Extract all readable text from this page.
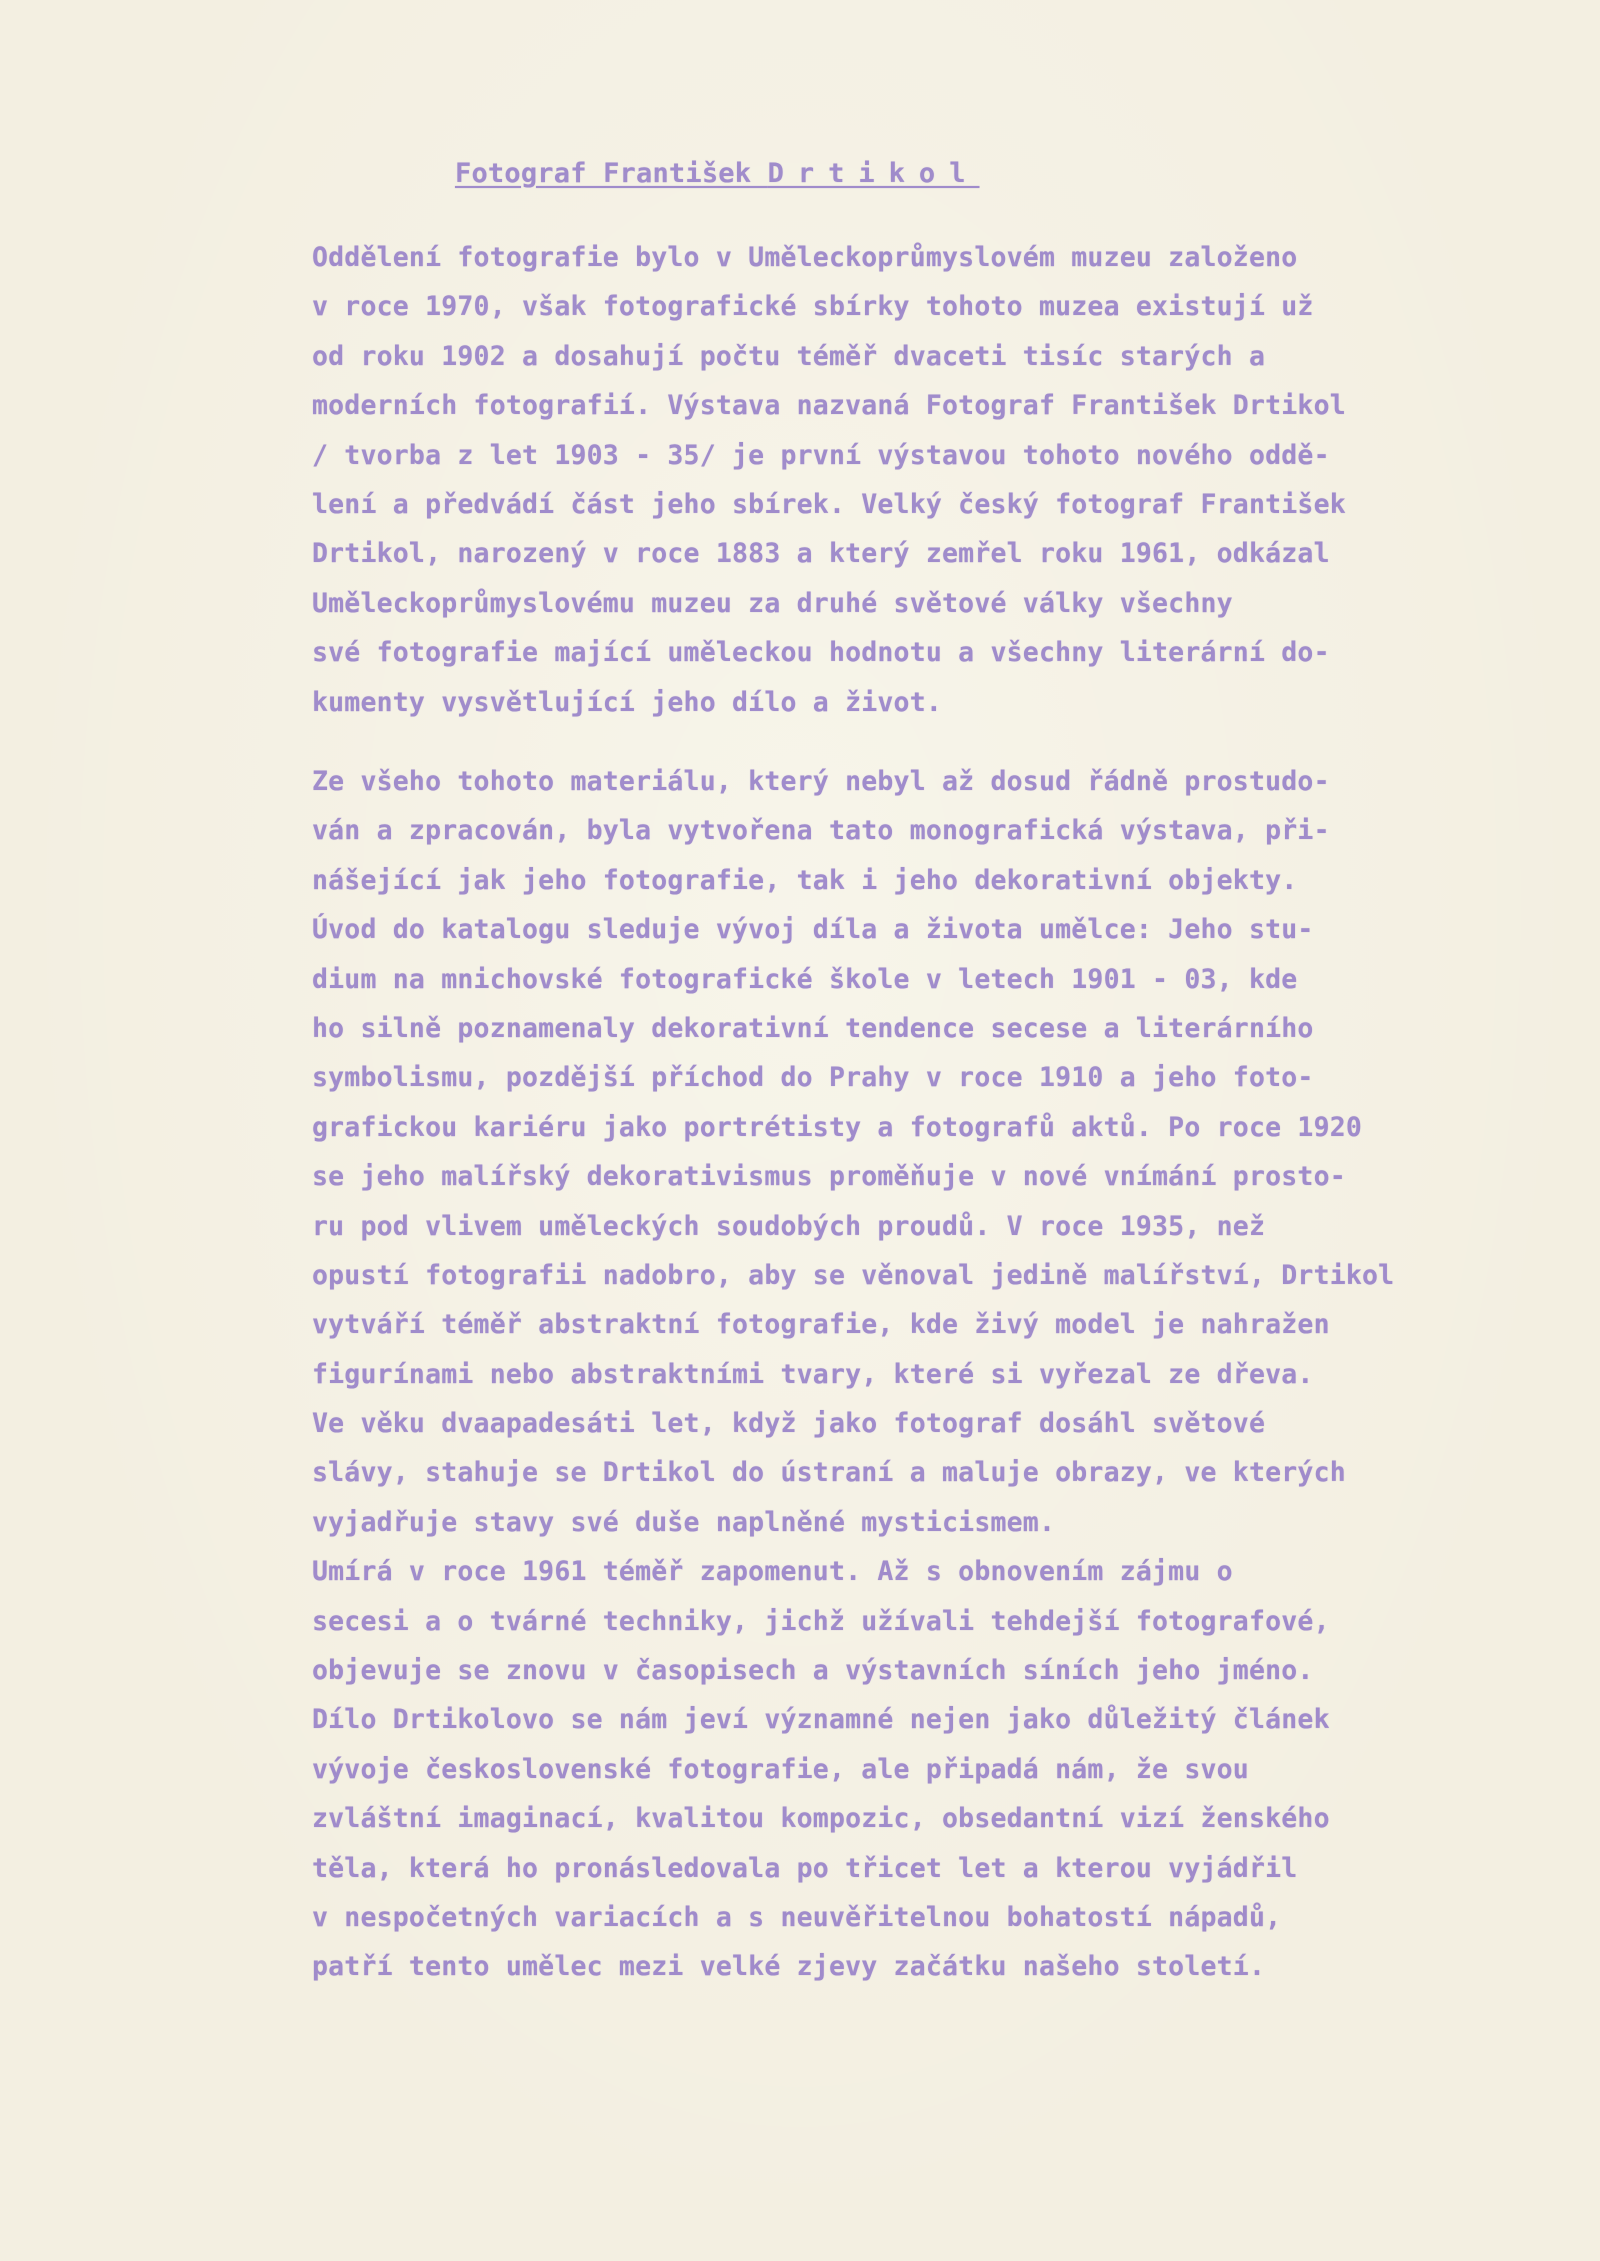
Fotograf František Drtikol
Oddělení fotografie bylo v Uměleckoprůmyslovém muzeu založeno
v roce 1970, však fotografické sbírky tohoto muzea existují už
od roku 1902 a dosahují počtu téměř dvaceti tisíc starých a
moderních fotografií. Výstava nazvaná Fotograf František Drtikol
/ tvorba z let 1903 - 35/ je první výstavou tohoto nového oddě-
lení a předvádí část jeho sbírek. Velký český fotograf František
Drtikol, narozený v roce 1883 a který zemřel roku 1961, odkázal
Uměleckoprůmyslovému muzeu za druhé světové války všechny
své fotografie mající uměleckou hodnotu a všechny literární do-
kumenty vysvětlující jeho dílo a život.
Ze všeho tohoto materiálu, který nebyl až dosud řádně prostudo-
ván a zpracován, byla vytvořena tato monografická výstava, při-
nášející jak jeho fotografie, tak i jeho dekorativní objekty.
Úvod do katalogu sleduje vývoj díla a života umělce: Jeho stu-
dium na mnichovské fotografické škole v letech 1901 - 03, kde
ho silně poznamenaly dekorativní tendence secese a literárního
symbolismu, pozdější příchod do Prahy v roce 1910 a jeho foto-
grafickou kariéru jako portrétisty a fotografů aktů. Po roce 1920
se jeho malířský dekorativismus proměňuje v nové vnímání prosto-
ru pod vlivem uměleckých soudobých proudů. V roce 1935, než
opustí fotografii nadobro, aby se věnoval jedině malířství, Drtikol
vytváří téměř abstraktní fotografie, kde živý model je nahražen
figurínami nebo abstraktními tvary, které si vyřezal ze dřeva.
Ve věku dvaapadesáti let, když jako fotograf dosáhl světové
slávy, stahuje se Drtikol do ústraní a maluje obrazy, ve kterých
vyjadřuje stavy své duše naplněné mysticismem.
Umírá v roce 1961 téměř zapomenut. Až s obnovením zájmu o
secesi a o tvárné techniky, jichž užívali tehdejší fotografové,
objevuje se znovu v časopisech a výstavních síních jeho jméno.
Dílo Drtikolovo se nám jeví významné nejen jako důležitý článek
vývoje československé fotografie, ale připadá nám, že svou
zvláštní imaginací, kvalitou kompozic, obsedantní vizí ženského
těla, která ho pronásledovala po třicet let a kterou vyjádřil
v nespočetných variacích a s neuvěřitelnou bohatostí nápadů,
patří tento umělec mezi velké zjevy začátku našeho století.
